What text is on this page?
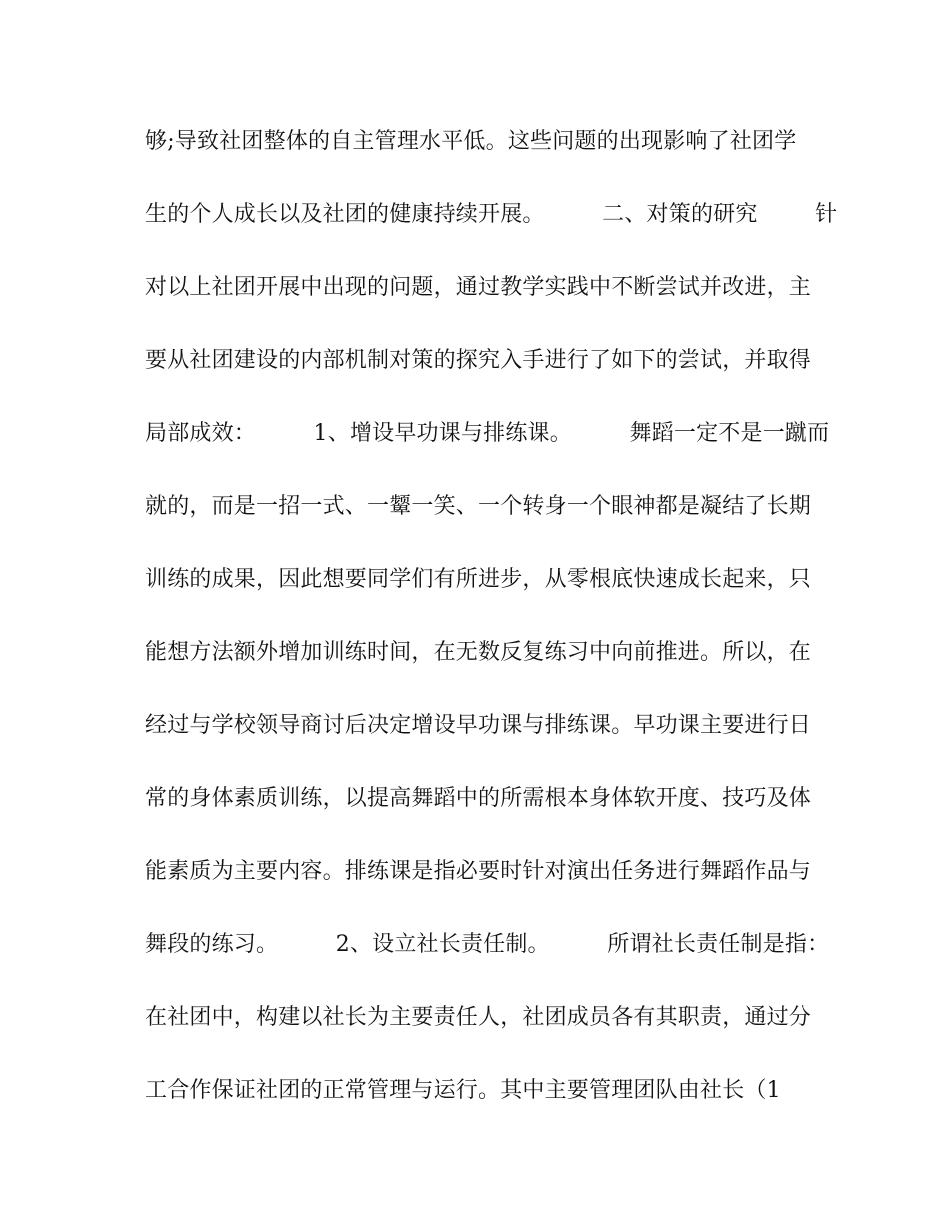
够;导致社团整体的自主管理水平低。这些问题的出现影响了社团学
生的个人成长以及社团的健康持续开展。        二、对策的研究        针
对以上社团开展中出现的问题，通过教学实践中不断尝试并改进，主
要从社团建设的内部机制对策的探究入手进行了如下的尝试，并取得
局部成效：        1、增设早功课与排练课。        舞蹈一定不是一蹴而
就的，而是一招一式、一颦一笑、一个转身一个眼神都是凝结了长期
训练的成果，因此想要同学们有所进步，从零根底快速成长起来，只
能想方法额外增加训练时间，在无数反复练习中向前推进。所以，在
经过与学校领导商讨后决定增设早功课与排练课。早功课主要进行日
常的身体素质训练，以提高舞蹈中的所需根本身体软开度、技巧及体
能素质为主要内容。排练课是指必要时针对演出任务进行舞蹈作品与
舞段的练习。        2、设立社长责任制。        所谓社长责任制是指：
在社团中，构建以社长为主要责任人，社团成员各有其职责，通过分
工合作保证社团的正常管理与运行。其中主要管理团队由社长（1
